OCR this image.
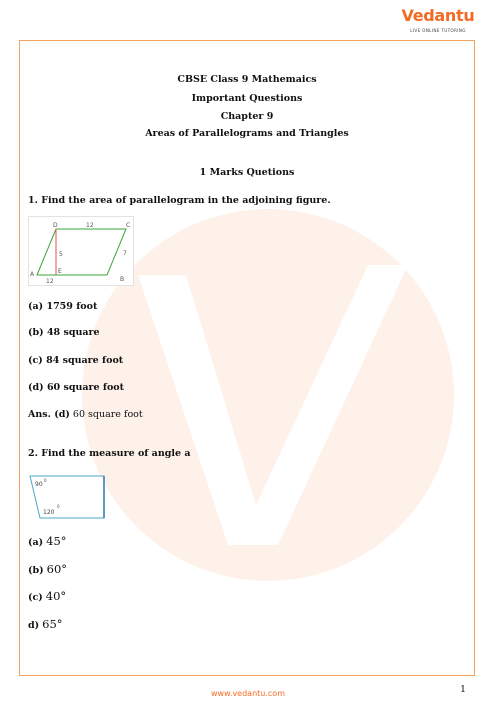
Vedantu
LIVE ONLINE TUTORING
CBSE Class 9 Mathemaics
Important Questions
Chapter 9
Areas of Parallelograms and Triangles
1 Marks Quetions
1. Find the area of parallelogram in the adjoining figure.
D	C
A
B
E
12
12
5	7
(a) 1759 foot
(b) 48 square
(c) 84 square foot
(d) 60 square foot
Ans. (d) 60 square foot
2. Find the measure of angle a
90
0
120
0
(a) 45°
(b) 60°
(c) 40°
d) 65°
www.vedantu.com	1
